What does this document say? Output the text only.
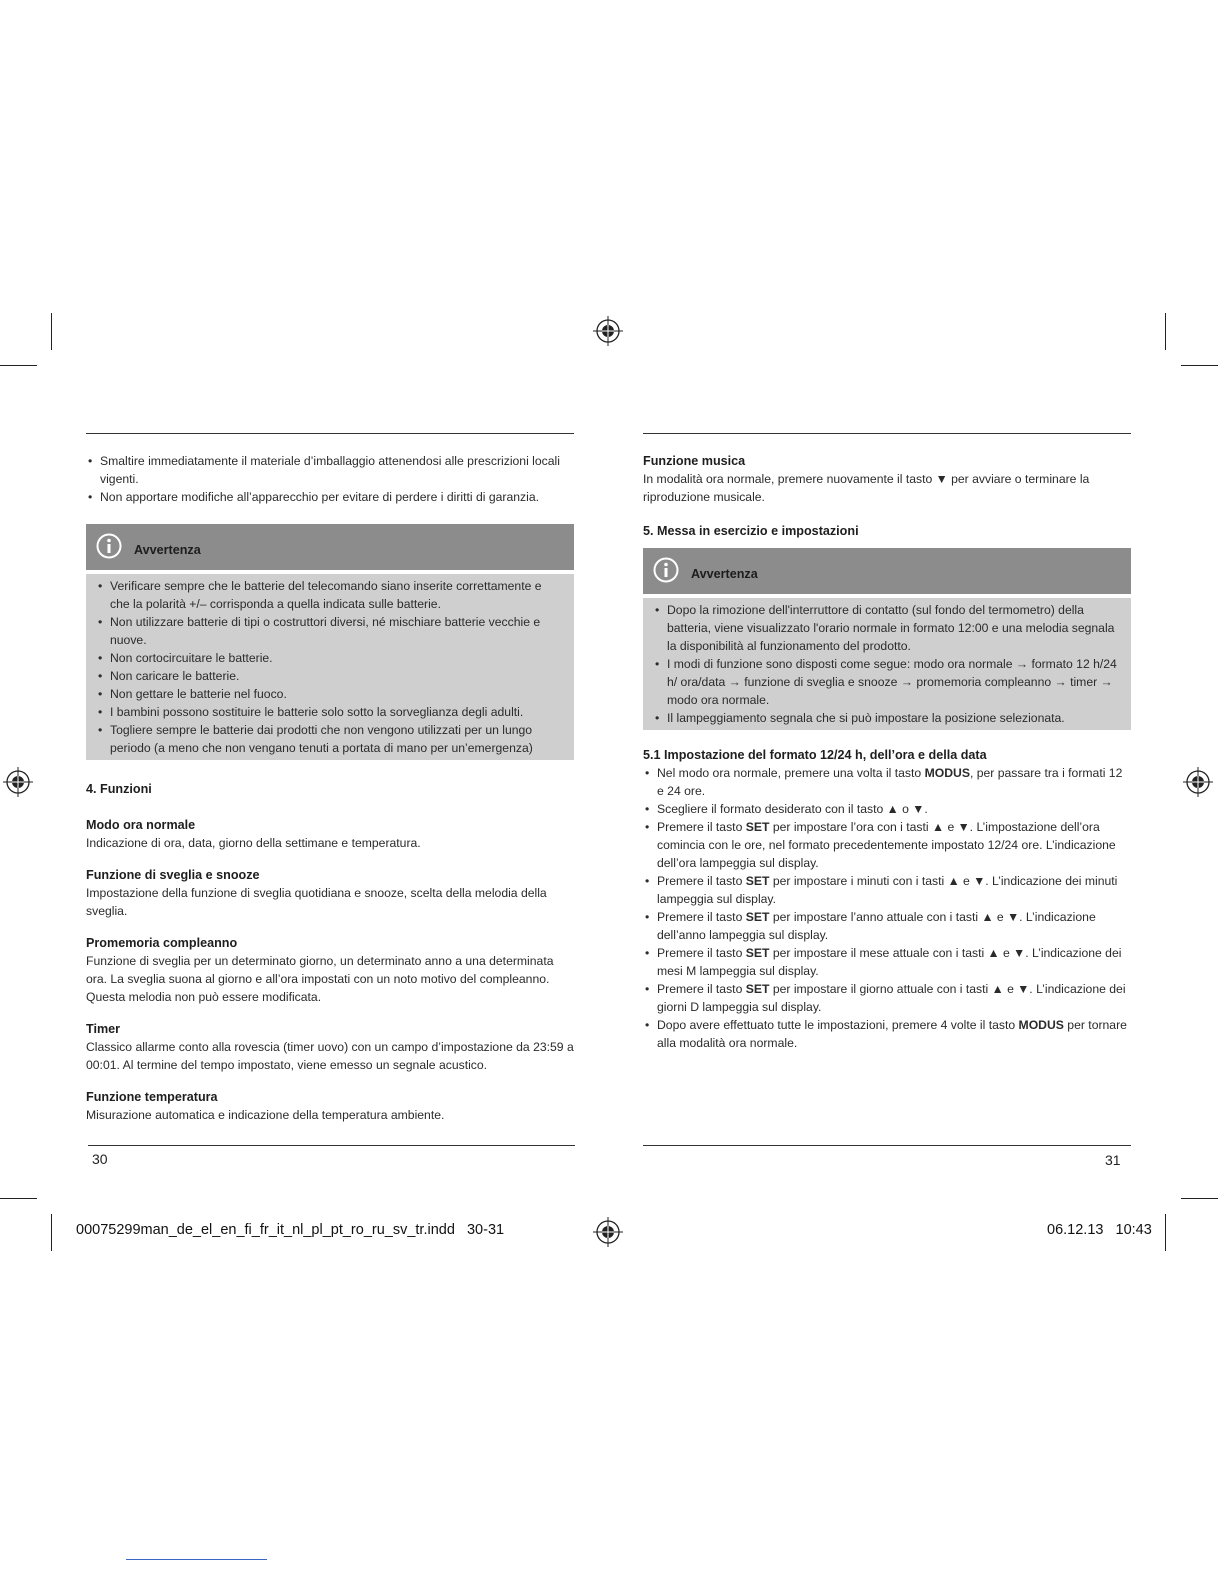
• Smaltire immediatamente il materiale d’imballaggio attenendosi alle prescrizioni locali vigenti.
• Non apportare modifiche all’apparecchio per evitare di perdere i diritti di garanzia.
Avvertenza
• Verificare sempre che le batterie del telecomando siano inserite correttamente e che la polarità +/– corrisponda a quella indicata sulle batterie.
• Non utilizzare batterie di tipi o costruttori diversi, né mischiare batterie vecchie e nuove.
• Non cortocircuitare le batterie.
• Non caricare le batterie.
• Non gettare le batterie nel fuoco.
• I bambini possono sostituire le batterie solo sotto la sorveglianza degli adulti.
• Togliere sempre le batterie dai prodotti che non vengono utilizzati per un lungo periodo (a meno che non vengano tenuti a portata di mano per un’emergenza)

4. Funzioni

Modo ora normale

Indicazione di ora, data, giorno della settimane e temperatura.

Funzione di sveglia e snooze

Impostazione della funzione di sveglia quotidiana e snooze, scelta della melodia della sveglia.

Promemoria compleanno

Funzione di sveglia per un determinato giorno, un determinato anno a una determinata ora. La sveglia suona al giorno e all’ora impostati con un noto motivo del compleanno. Questa melodia non può essere modificata.

Timer

Classico allarme conto alla rovescia (timer uovo) con un campo d’impostazione da 23:59 a 00:01. Al termine del tempo impostato, viene emesso un segnale acustico.

Funzione temperatura

Misurazione automatica e indicazione della temperatura ambiente.

Funzione musica

In modalità ora normale, premere nuovamente il tasto ▼ per avviare o terminare la riproduzione musicale.

5. Messa in esercizio e impostazioni

Avvertenza
• Dopo la rimozione dell'interruttore di contatto (sul fondo del termometro) della batteria, viene visualizzato l'orario normale in formato 12:00 e una melodia segnala la disponibilità al funzionamento del prodotto.
• I modi di funzione sono disposti come segue: modo ora normale → formato 12 h/24 h/ ora/data → funzione di sveglia e snooze → promemoria compleanno → timer → modo ora normale.
• Il lampeggiamento segnala che si può impostare la posizione selezionata.

5.1 Impostazione del formato 12/24 h, dell’ora e della data

• Nel modo ora normale, premere una volta il tasto MODUS, per passare tra i formati 12 e 24 ore.
• Scegliere il formato desiderato con il tasto ▲ o ▼.
• Premere il tasto SET per impostare l’ora con i tasti ▲ e ▼. L’impostazione dell’ora comincia con le ore, nel formato precedentemente impostato 12/24 ore. L’indicazione dell’ora lampeggia sul display.
• Premere il tasto SET per impostare i minuti con i tasti ▲ e ▼. L’indicazione dei minuti lampeggia sul display.
• Premere il tasto SET per impostare l’anno attuale con i tasti ▲ e ▼. L’indicazione dell’anno lampeggia sul display.
• Premere il tasto SET per impostare il mese attuale con i tasti ▲ e ▼. L’indicazione dei mesi M lampeggia sul display.
• Premere il tasto SET per impostare il giorno attuale con i tasti ▲ e ▼. L’indicazione dei giorni D lampeggia sul display.
• Dopo avere effettuato tutte le impostazioni, premere 4 volte il tasto MODUS per tornare alla modalità ora normale.
30	31
00075299man_de_el_en_fi_fr_it_nl_pl_pt_ro_ru_sv_tr.indd   30-31	06.12.13   10:43
